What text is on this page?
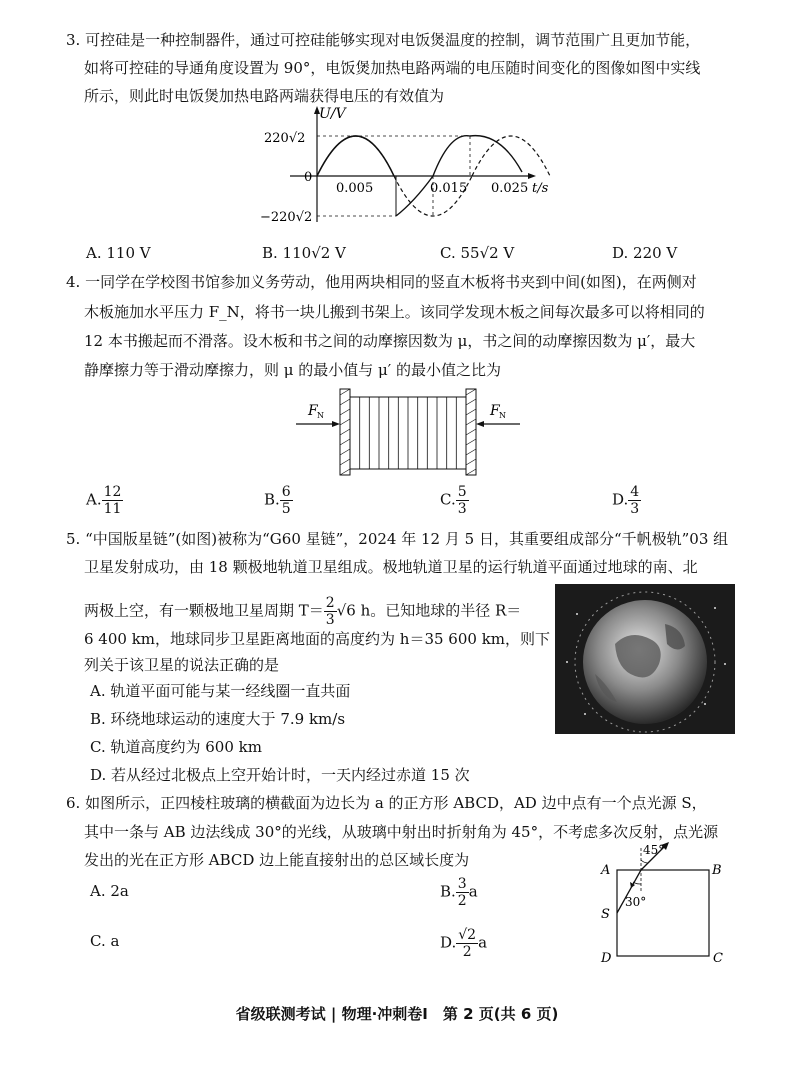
3. 可控硅是一种控制器件，通过可控硅能够实现对电饭煲温度的控制，调节范围广且更加节能，
如将可控硅的导通角度设置为 90°，电饭煲加热电路两端的电压随时间变化的图像如图中实线
所示，则此时电饭煲加热电路两端获得电压的有效值为
U/V
220√2
0
−220√2
0.005	0.015 0.025 t/s
A. 110 V	B. 110√2 V	C. 55√2 V	D. 220 V
4. 一同学在学校图书馆参加义务劳动，他用两块相同的竖直木板将书夹到中间(如图)，在两侧对
木板施加水平压力 F_N，将书一块儿搬到书架上。该同学发现木板之间每次最多可以将相同的
12 本书搬起而不滑落。设木板和书之间的动摩擦因数为 μ，书之间的动摩擦因数为 μ′，最大
静摩擦力等于滑动摩擦力，则 μ 的最小值与 μ′ 的最小值之比为
F N	F N
A. $\frac{12}{11}$	B. $\frac{6}{5}$	C. $\frac{5}{3}$	D. $\frac{4}{3}$
5. “中国版星链”(如图)被称为“G60 星链”，2024 年 12 月 5 日，其重要组成部分“千帆极轨”03 组
卫星发射成功，由 18 颗极地轨道卫星组成。极地轨道卫星的运行轨道平面通过地球的南、北
两极上空，有一颗极地卫星周期 $T= \frac{2}{3} √6$ h。已知地球的半径 R＝
6 400 km，地球同步卫星距离地面的高度约为 h＝35 600 km，则下
列关于该卫星的说法正确的是
A. 轨道平面可能与某一经线圈一直共面
B. 环绕地球运动的速度大于 7.9 km/s
C. 轨道高度约为 600 km
D. 若从经过北极点上空开始计时，一天内经过赤道 15 次
6. 如图所示，正四棱柱玻璃的横截面为边长为 a 的正方形 ABCD，AD 边中点有一个点光源 S，
其中一条与 AB 边法线成 30°的光线，从玻璃中射出时折射角为 45°，不考虑多次反射，点光源
发出的光在正方形 ABCD 边上能直接射出的总区域长度为
A. 2a	B. $\frac{3}{2}$ a
C. a	D. $\frac{√2}{2}$ a
A	B
C
D
S
45°
30°
省级联测考试 | 物理·冲刺卷Ⅰ　第 2 页(共 6 页)
